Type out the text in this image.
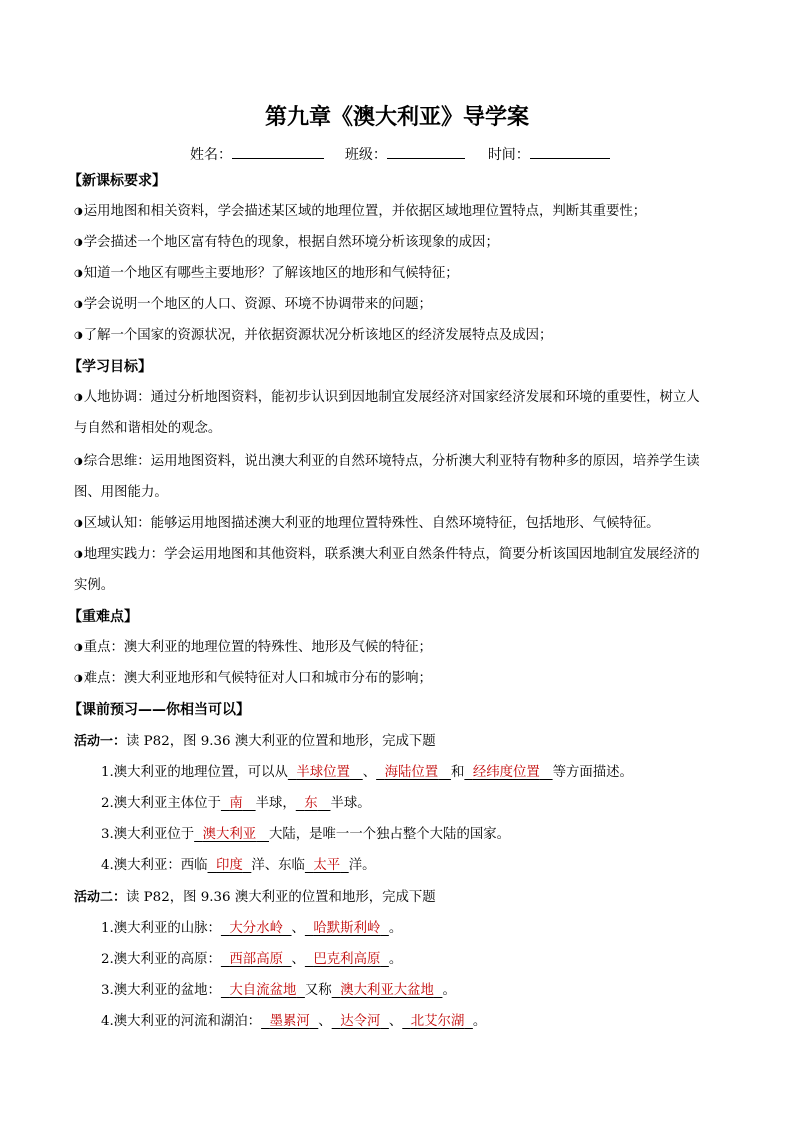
第九章《澳大利亚》导学案
姓名：	班级：	时间：
【新课标要求】
◑运用地图和相关资料，学会描述某区域的地理位置，并依据区域地理位置特点，判断其重要性；
◑学会描述一个地区富有特色的现象，根据自然环境分析该现象的成因；
◑知道一个地区有哪些主要地形？了解该地区的地形和气候特征；
◑学会说明一个地区的人口、资源、环境不协调带来的问题；
◑了解一个国家的资源状况，并依据资源状况分析该地区的经济发展特点及成因；
【学习目标】
◑人地协调：通过分析地图资料，能初步认识到因地制宜发展经济对国家经济发展和环境的重要性，树立人
与自然和谐相处的观念。
◑综合思维：运用地图资料，说出澳大利亚的自然环境特点，分析澳大利亚特有物种多的原因，培养学生读
图、用图能力。
◑区域认知：能够运用地图描述澳大利亚的地理位置特殊性、自然环境特征，包括地形、气候特征。
◑地理实践力：学会运用地图和其他资料，联系澳大利亚自然条件特点，简要分析该国因地制宜发展经济的
实例。
【重难点】
◑重点：澳大利亚的地理位置的特殊性、地形及气候的特征；
◑难点：澳大利亚地形和气候特征对人口和城市分布的影响；
【课前预习——你相当可以】
活动一：读 P82，图 9.36 澳大利亚的位置和地形，完成下题
1.澳大利亚的地理位置，可以从 半球位置 、 海陆位置 和 经纬度位置 等方面描述。
2.澳大利亚主体位于 南 半球， 东 半球。
3.澳大利亚位于 澳大利亚 大陆，是唯一一个独占整个大陆的国家。
4.澳大利亚：西临 印度 洋、东临 太平 洋。
活动二：读 P82，图 9.36 澳大利亚的位置和地形，完成下题
1.澳大利亚的山脉： 大分水岭 、 哈默斯利岭 。
2.澳大利亚的高原： 西部高原 、 巴克利高原 。
3.澳大利亚的盆地： 大自流盆地 又称 澳大利亚大盆地 。
4.澳大利亚的河流和湖泊： 墨累河 、 达令河 、 北艾尔湖 。
